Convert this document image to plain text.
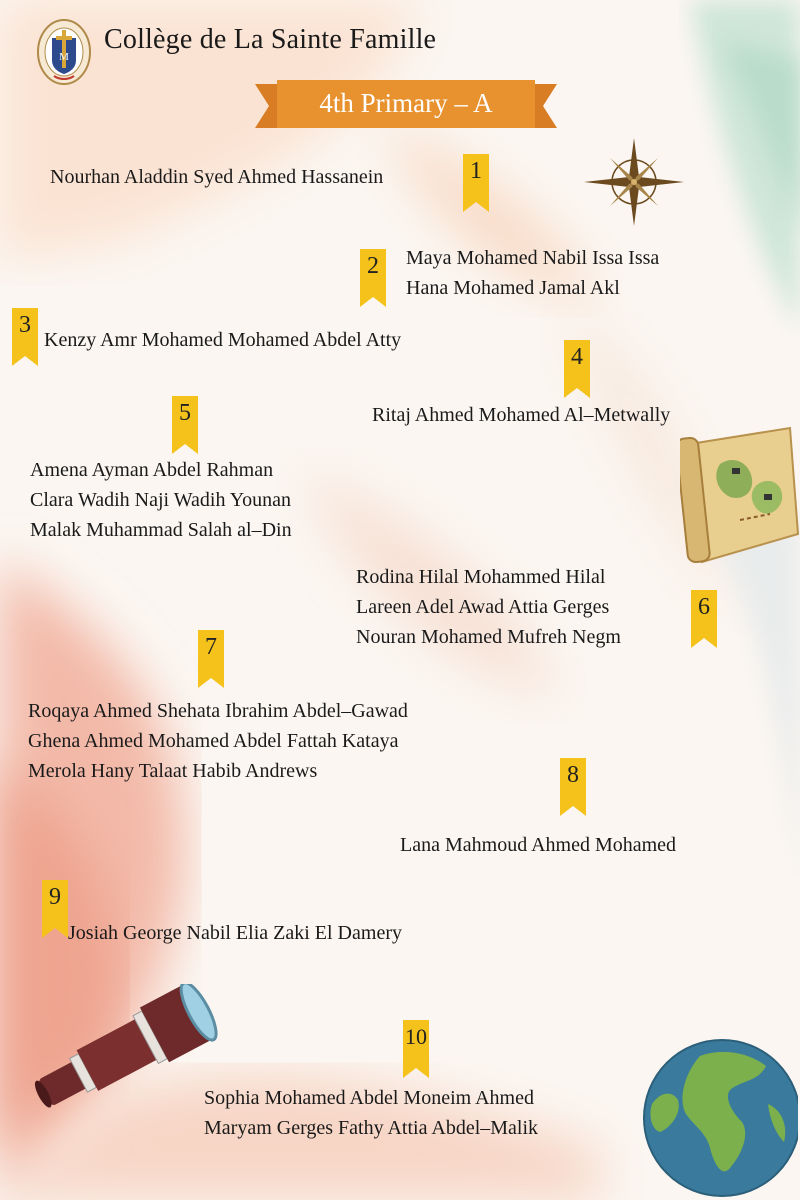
M
Collège de La Sainte Famille
4th Primary – A
1
Nourhan Aladdin Syed Ahmed Hassanein
2	Maya Mohamed Nabil Issa Issa
Hana Mohamed Jamal Akl
3
Kenzy Amr Mohamed Mohamed Abdel Atty
4
Ritaj Ahmed Mohamed Al–Metwally
5
Amena Ayman Abdel Rahman
Clara Wadih Naji Wadih Younan
Malak Muhammad Salah al–Din
6
Rodina Hilal Mohammed Hilal
Lareen Adel Awad Attia Gerges
Nouran Mohamed Mufreh Negm
7
Roqaya Ahmed Shehata Ibrahim Abdel–Gawad
Ghena Ahmed Mohamed Abdel Fattah Kataya
Merola Hany Talaat Habib Andrews	8
Lana Mahmoud Ahmed Mohamed
9
Josiah George Nabil Elia Zaki El Damery
10
Sophia Mohamed Abdel Moneim Ahmed
Maryam Gerges Fathy Attia Abdel–Malik
